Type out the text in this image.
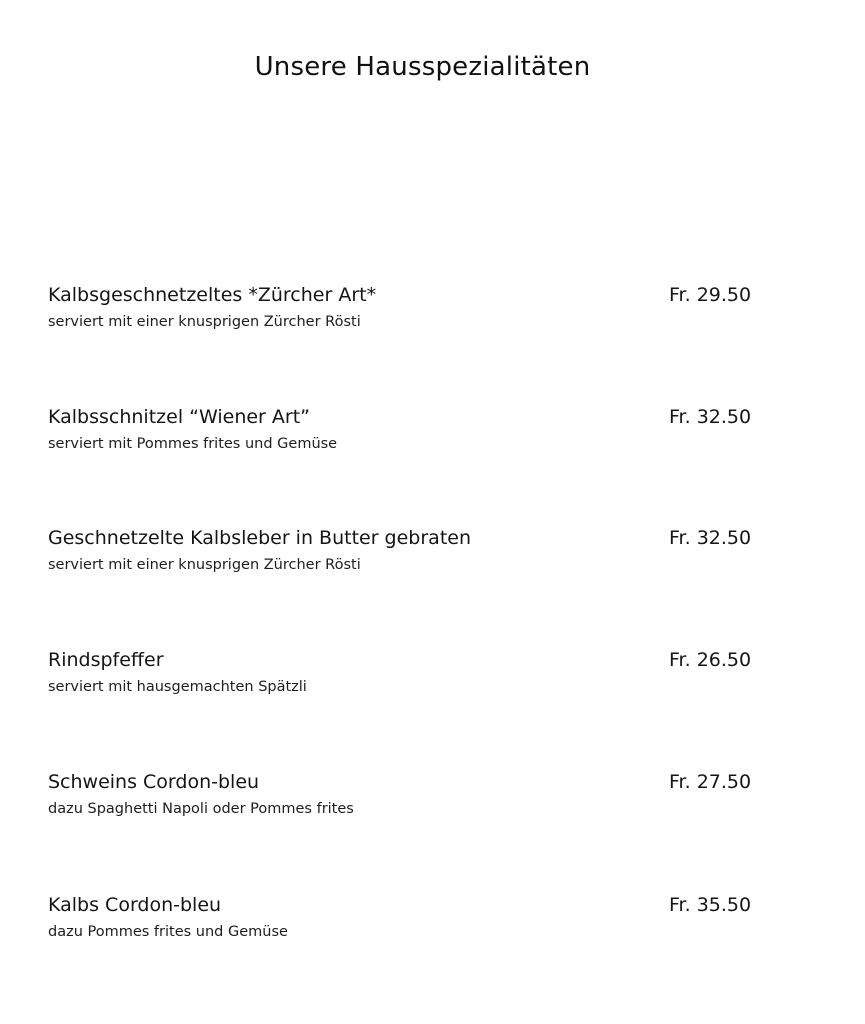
Unsere Hausspezialitäten
Kalbsgeschnetzeltes *Zürcher Art*
serviert mit einer knusprigen Zürcher Rösti
Fr. 29.50
Kalbsschnitzel “Wiener Art”
serviert mit Pommes frites und Gemüse
Fr. 32.50
Geschnetzelte Kalbsleber in Butter gebraten
serviert mit einer knusprigen Zürcher Rösti
Fr. 32.50
Rindspfeffer
serviert mit hausgemachten Spätzli
Fr. 26.50
Schweins Cordon-bleu
dazu Spaghetti Napoli oder Pommes frites
Fr. 27.50
Kalbs Cordon-bleu
dazu Pommes frites und Gemüse
Fr. 35.50
